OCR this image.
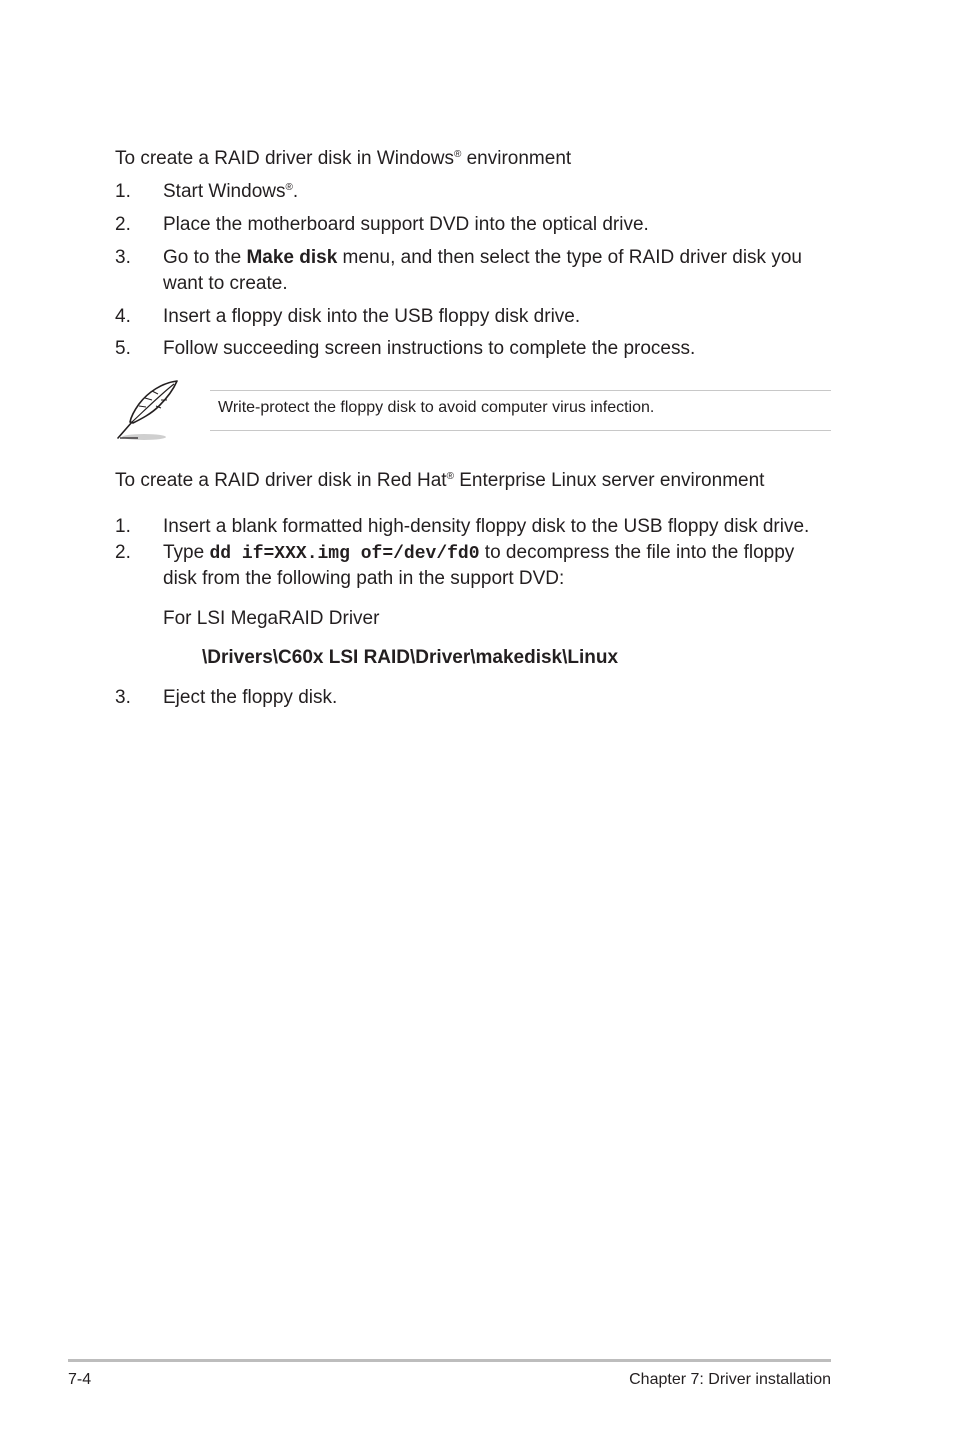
To create a RAID driver disk in Windows® environment
1. Start Windows®.
2. Place the motherboard support DVD into the optical drive.
3. Go to the Make disk menu, and then select the type of RAID driver disk you
want to create.
4. Insert a floppy disk into the USB floppy disk drive.
5. Follow succeeding screen instructions to complete the process.
Write-protect the floppy disk to avoid computer virus infection.
To create a RAID driver disk in Red Hat® Enterprise Linux server environment
1. Insert a blank formatted high-density floppy disk to the USB floppy disk drive.
2. Type dd if=XXX.img of=/dev/fd0 to decompress the file into the floppy
disk from the following path in the support DVD:
For LSI MegaRAID Driver
\Drivers\C60x LSI RAID\Driver\makedisk\Linux
3. Eject the floppy disk.
7-4	Chapter 7: Driver installation
